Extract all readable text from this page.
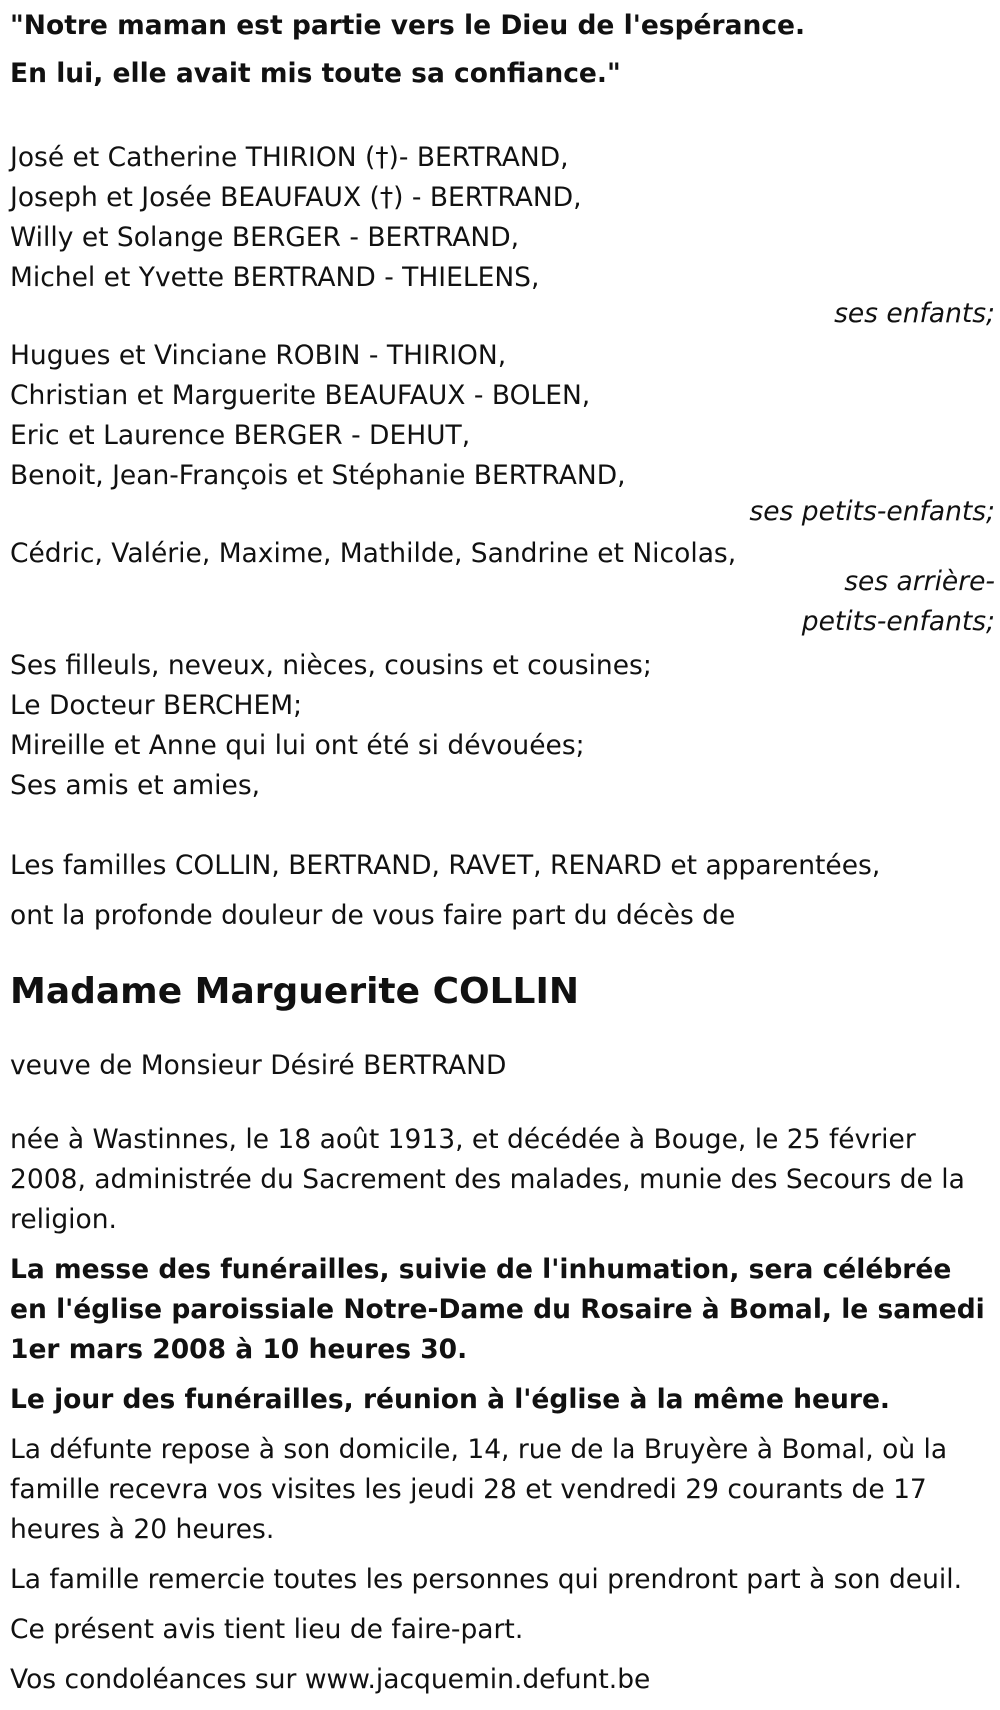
"Notre maman est partie vers le Dieu de l'espérance.
En lui, elle avait mis toute sa confiance."
José et Catherine THIRION (†)- BERTRAND,
Joseph et Josée BEAUFAUX (†) - BERTRAND,
Willy et Solange BERGER - BERTRAND,
Michel et Yvette BERTRAND - THIELENS,
ses enfants;
Hugues et Vinciane ROBIN - THIRION,
Christian et Marguerite BEAUFAUX - BOLEN,
Eric et Laurence BERGER - DEHUT,
Benoit, Jean-François et Stéphanie BERTRAND,
ses petits-enfants;
Cédric, Valérie, Maxime, Mathilde, Sandrine et Nicolas,
ses arrière-petits-enfants;
Ses filleuls, neveux, nièces, cousins et cousines;
Le Docteur BERCHEM;
Mireille et Anne qui lui ont été si dévouées;
Ses amis et amies,
Les familles COLLIN, BERTRAND, RAVET, RENARD et apparentées,
ont la profonde douleur de vous faire part du décès de
Madame Marguerite COLLIN
veuve de Monsieur Désiré BERTRAND
née à Wastinnes, le 18 août 1913, et décédée à Bouge, le 25 février 2008, administrée du Sacrement des malades, munie des Secours de la religion.
La messe des funérailles, suivie de l'inhumation, sera célébrée en l'église paroissiale Notre-Dame du Rosaire à Bomal, le samedi 1er mars 2008 à 10 heures 30.
Le jour des funérailles, réunion à l'église à la même heure.
La défunte repose à son domicile, 14, rue de la Bruyère à Bomal, où la famille recevra vos visites les jeudi 28 et vendredi 29 courants de 17 heures à 20 heures.
La famille remercie toutes les personnes qui prendront part à son deuil.
Ce présent avis tient lieu de faire-part.
Vos condoléances sur www.jacquemin.defunt.be
